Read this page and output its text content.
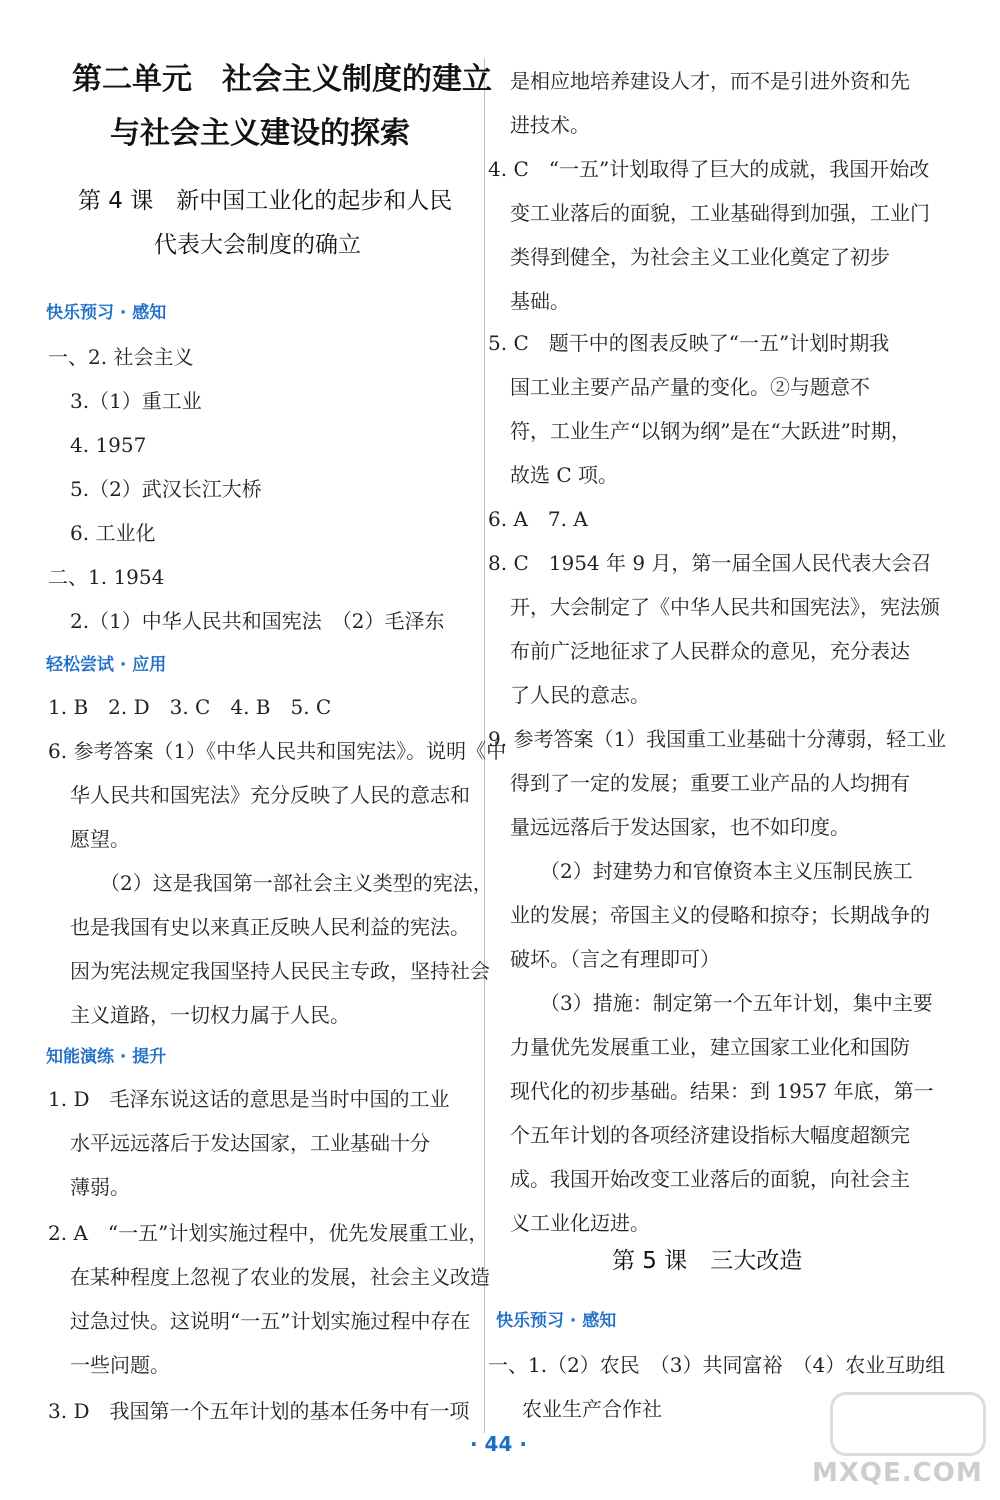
第二单元　社会主义制度的建立
与社会主义建设的探索
第 4 课　新中国工业化的起步和人民
代表大会制度的确立
快乐预习 · 感知
一、2. 社会主义
3.（1）重工业
4. 1957
5.（2）武汉长江大桥
6. 工业化
二、1. 1954
2.（1）中华人民共和国宪法　（2）毛泽东
轻松尝试 · 应用
1. B　2. D　3. C　4. B　5. C
6. 参考答案（1）《中华人民共和国宪法》。说明《中
华人民共和国宪法》充分反映了人民的意志和
愿望。
（2）这是我国第一部社会主义类型的宪法，
也是我国有史以来真正反映人民利益的宪法。
因为宪法规定我国坚持人民民主专政，坚持社会
主义道路，一切权力属于人民。
知能演练 · 提升
1. D　毛泽东说这话的意思是当时中国的工业
水平远远落后于发达国家，工业基础十分
薄弱。
2. A　“一五”计划实施过程中，优先发展重工业，
在某种程度上忽视了农业的发展，社会主义改造
过急过快。这说明“一五”计划实施过程中存在
一些问题。
3. D　我国第一个五年计划的基本任务中有一项
是相应地培养建设人才，而不是引进外资和先
进技术。
4. C　“一五”计划取得了巨大的成就，我国开始改
变工业落后的面貌，工业基础得到加强，工业门
类得到健全，为社会主义工业化奠定了初步
基础。
5. C　题干中的图表反映了“一五”计划时期我
国工业主要产品产量的变化。②与题意不
符，工业生产“以钢为纲”是在“大跃进”时期，
故选 C 项。
6. A　7. A
8. C　1954 年 9 月，第一届全国人民代表大会召
开，大会制定了《中华人民共和国宪法》，宪法颁
布前广泛地征求了人民群众的意见，充分表达
了人民的意志。
9. 参考答案（1）我国重工业基础十分薄弱，轻工业
得到了一定的发展；重要工业产品的人均拥有
量远远落后于发达国家，也不如印度。
（2）封建势力和官僚资本主义压制民族工
业的发展；帝国主义的侵略和掠夺；长期战争的
破坏。（言之有理即可）
（3）措施：制定第一个五年计划，集中主要
力量优先发展重工业，建立国家工业化和国防
现代化的初步基础。结果：到 1957 年底，第一
个五年计划的各项经济建设指标大幅度超额完
成。我国开始改变工业落后的面貌，向社会主
义工业化迈进。
第 5 课　三大改造
快乐预习 · 感知
一、1.（2）农民　（3）共同富裕　（4）农业互助组
农业生产合作社
· 44 ·
MXQE.COM
